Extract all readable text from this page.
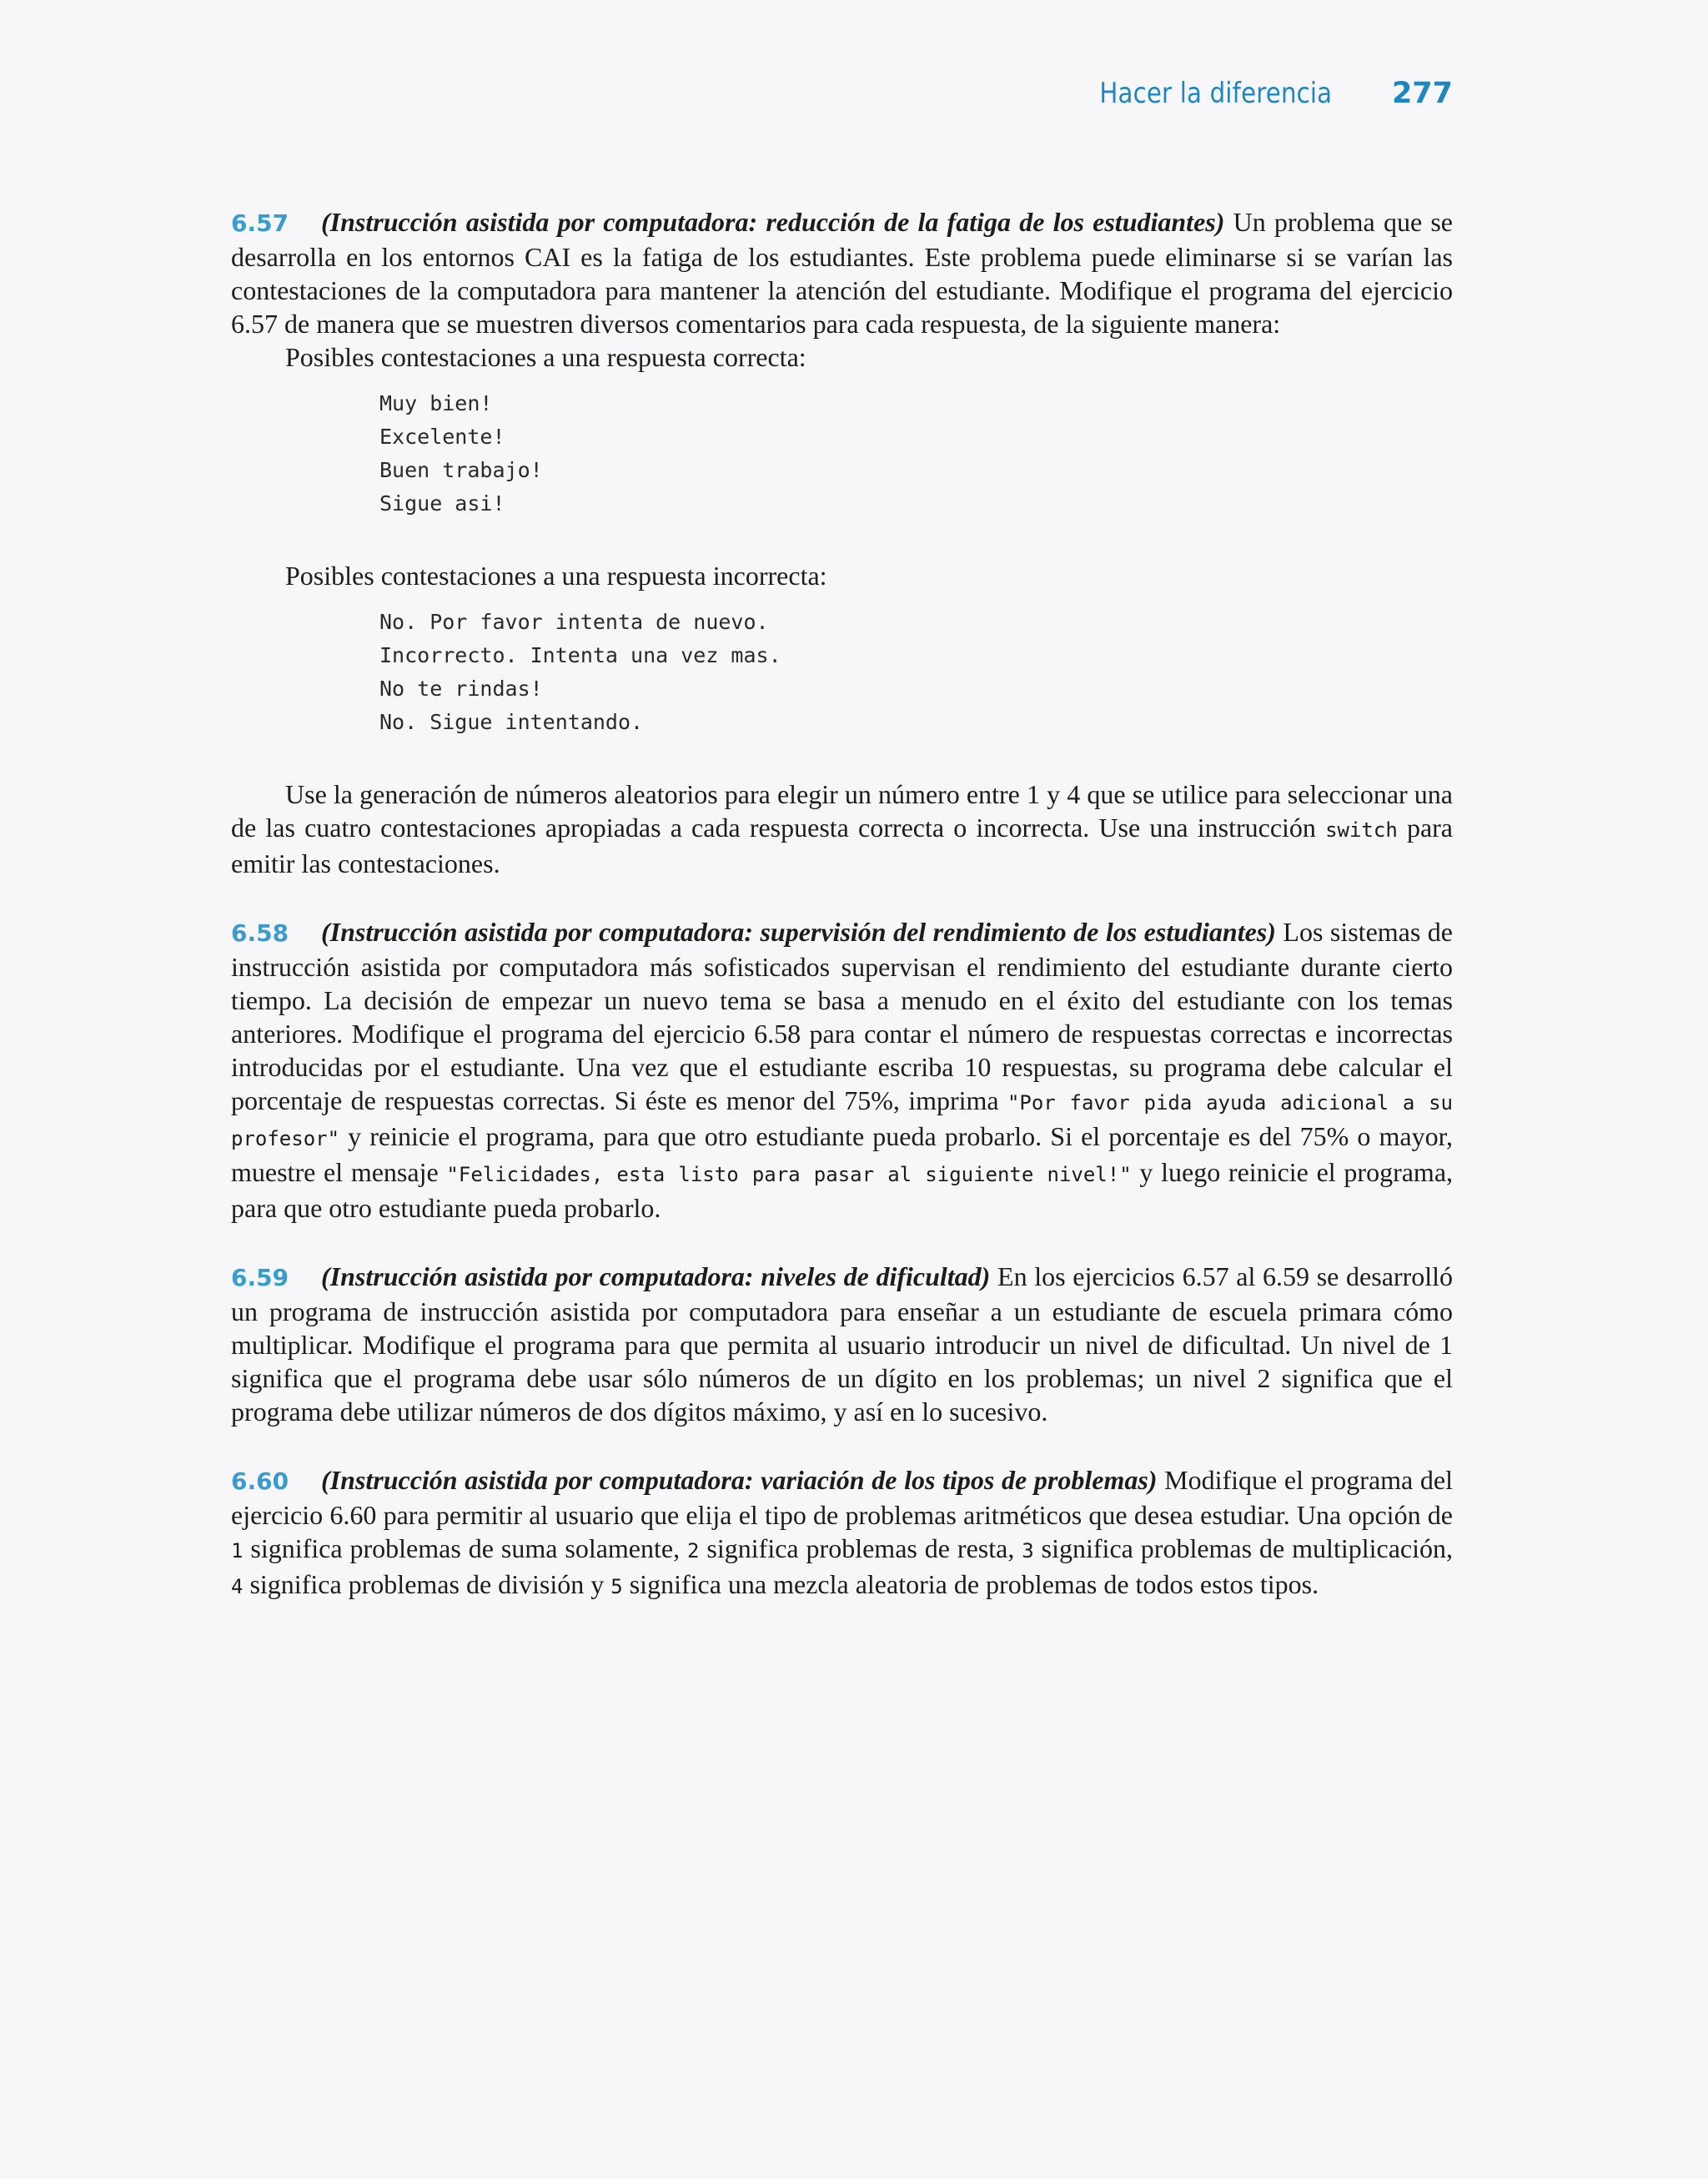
Hacer la diferencia 277

6.57 (Instrucción asistida por computadora: reducción de la fatiga de los estudiantes) Un problema que se desarrolla en los entornos CAI es la fatiga de los estudiantes. Este problema puede eliminarse si se varían las contestaciones de la computadora para mantener la atención del estudiante. Modifique el programa del ejercicio 6.57 de manera que se muestren diversos comentarios para cada respuesta, de la siguiente manera:

Posibles contestaciones a una respuesta correcta:

Muy bien!
Excelente!
Buen trabajo!
Sigue asi!

Posibles contestaciones a una respuesta incorrecta:

No. Por favor intenta de nuevo.
Incorrecto. Intenta una vez mas.
No te rindas!
No. Sigue intentando.

Use la generación de números aleatorios para elegir un número entre 1 y 4 que se utilice para seleccionar una de las cuatro contestaciones apropiadas a cada respuesta correcta o incorrecta. Use una instrucción switch para emitir las contestaciones.

6.58 (Instrucción asistida por computadora: supervisión del rendimiento de los estudiantes) Los sistemas de instrucción asistida por computadora más sofisticados supervisan el rendimiento del estudiante durante cierto tiempo. La decisión de empezar un nuevo tema se basa a menudo en el éxito del estudiante con los temas anteriores. Modifique el programa del ejercicio 6.58 para contar el número de respuestas correctas e incorrectas introducidas por el estudiante. Una vez que el estudiante escriba 10 respuestas, su programa debe calcular el porcentaje de respuestas correctas. Si éste es menor del 75%, imprima "Por favor pida ayuda adicional a su profesor" y reinicie el programa, para que otro estudiante pueda probarlo. Si el porcentaje es del 75% o mayor, muestre el mensaje "Felicidades, esta listo para pasar al siguiente nivel!" y luego reinicie el programa, para que otro estudiante pueda probarlo.

6.59 (Instrucción asistida por computadora: niveles de dificultad) En los ejercicios 6.57 al 6.59 se desarrolló un programa de instrucción asistida por computadora para enseñar a un estudiante de escuela primara cómo multiplicar. Modifique el programa para que permita al usuario introducir un nivel de dificultad. Un nivel de 1 significa que el programa debe usar sólo números de un dígito en los problemas; un nivel 2 significa que el programa debe utilizar números de dos dígitos máximo, y así en lo sucesivo.

6.60 (Instrucción asistida por computadora: variación de los tipos de problemas) Modifique el programa del ejercicio 6.60 para permitir al usuario que elija el tipo de problemas aritméticos que desea estudiar. Una opción de 1 significa problemas de suma solamente, 2 significa problemas de resta, 3 significa problemas de multiplicación, 4 significa problemas de división y 5 significa una mezcla aleatoria de problemas de todos estos tipos.
